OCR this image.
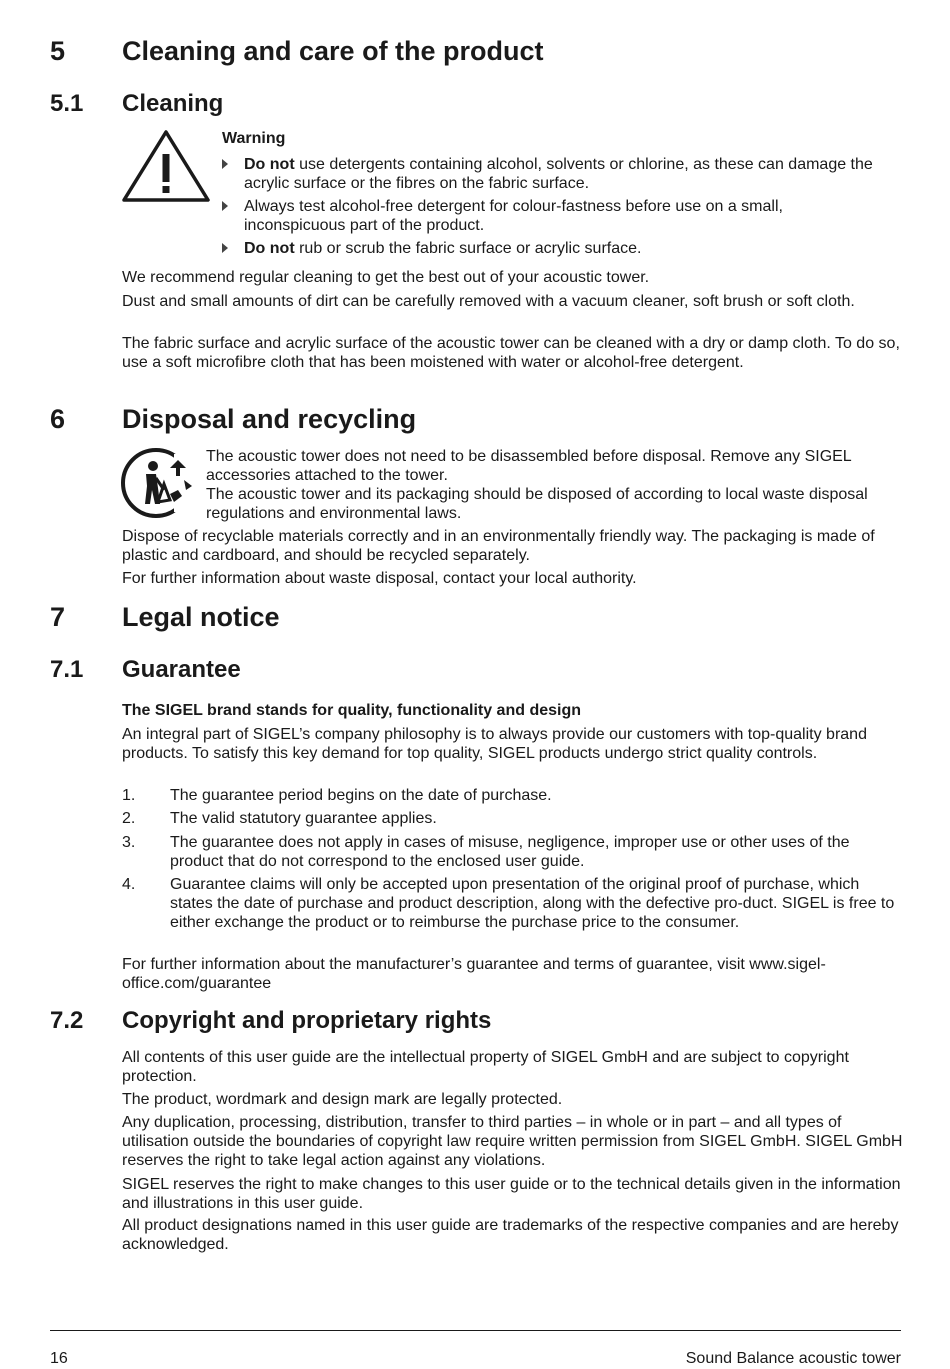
5 Cleaning and care of the product
5.1 Cleaning
Warning
Do not use detergents containing alcohol, solvents or chlorine, as these can damage the acrylic surface or the fibres on the fabric surface.
Always test alcohol-free detergent for colour-fastness before use on a small, inconspicuous part of the product.
Do not rub or scrub the fabric surface or acrylic surface.

We recommend regular cleaning to get the best out of your acoustic tower.

Dust and small amounts of dirt can be carefully removed with a vacuum cleaner, soft brush or soft cloth.

The fabric surface and acrylic surface of the acoustic tower can be cleaned with a dry or damp cloth. To do so, use a soft microfibre cloth that has been moistened with water or alcohol-free detergent.

6 Disposal and recycling

The acoustic tower does not need to be disassembled before disposal. Remove any SIGEL accessories attached to the tower.

The acoustic tower and its packaging should be disposed of according to local waste disposal regulations and environmental laws.

Dispose of recyclable materials correctly and in an environmentally friendly way. The packaging is made of plastic and cardboard, and should be recycled separately.

For further information about waste disposal, contact your local authority.

7 Legal notice
7.1 Guarantee

The SIGEL brand stands for quality, functionality and design

An integral part of SIGEL’s company philosophy is to always provide our customers with top-quality brand products. To satisfy this key demand for top quality, SIGEL products undergo strict quality controls.

1. The guarantee period begins on the date of purchase.
2. The valid statutory guarantee applies.
3. The guarantee does not apply in cases of misuse, negligence, improper use or other uses of the product that do not correspond to the enclosed user guide.
4. Guarantee claims will only be accepted upon presentation of the original proof of purchase, which states the date of purchase and product description, along with the defective pro-duct. SIGEL is free to either exchange the product or to reimburse the purchase price to the consumer.

For further information about the manufacturer’s guarantee and terms of guarantee, visit www.sigel-office.com/guarantee

7.2 Copyright and proprietary rights

All contents of this user guide are the intellectual property of SIGEL GmbH and are subject to copyright protection.

The product, wordmark and design mark are legally protected.

Any duplication, processing, distribution, transfer to third parties – in whole or in part – and all types of utilisation outside the boundaries of copyright law require written permission from SIGEL GmbH. SIGEL GmbH reserves the right to take legal action against any violations.

SIGEL reserves the right to make changes to this user guide or to the technical details given in the information and illustrations in this user guide.

All product designations named in this user guide are trademarks of the respective companies and are hereby acknowledged.

16	Sound Balance acoustic tower
